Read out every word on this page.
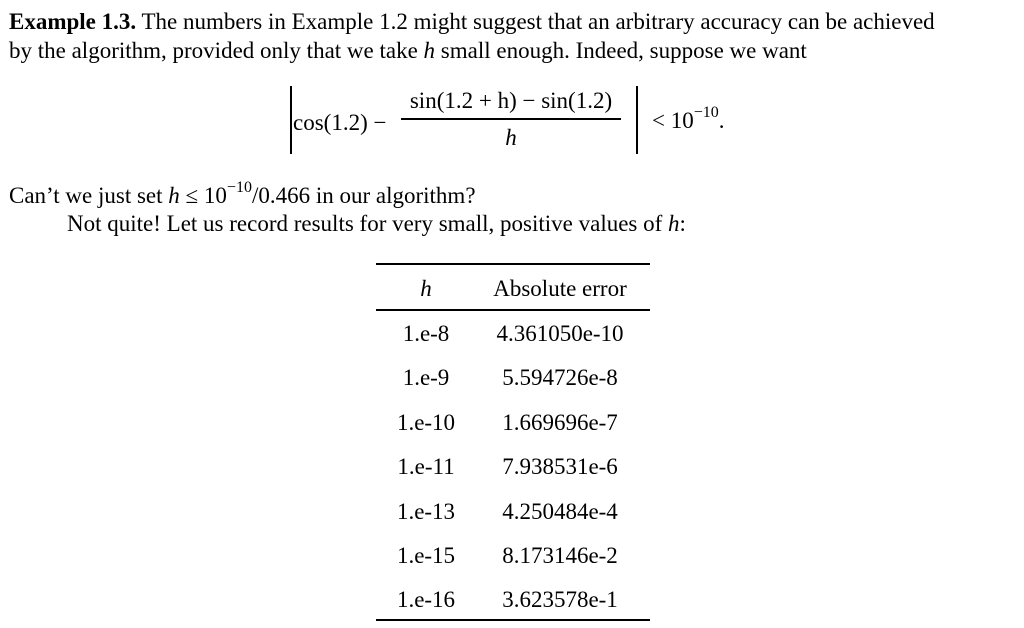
Example 1.3. The numbers in Example 1.2 might suggest that an arbitrary accuracy can be achieved
by the algorithm, provided only that we take h small enough. Indeed, suppose we want
cos(1.2) −
sin(1.2 + h) − sin(1.2)
h
< $10^{-10}$.
Can’t we just set $h \le 10^{-10}/0.466$ in our algorithm?
Not quite! Let us record results for very small, positive values of h:
h	Absolute error
1.e-8	4.361050e-10
1.e-9	5.594726e-8
1.e-10	1.669696e-7
1.e-11	7.938531e-6
1.e-13	4.250484e-4
1.e-15	8.173146e-2
1.e-16	3.623578e-1
